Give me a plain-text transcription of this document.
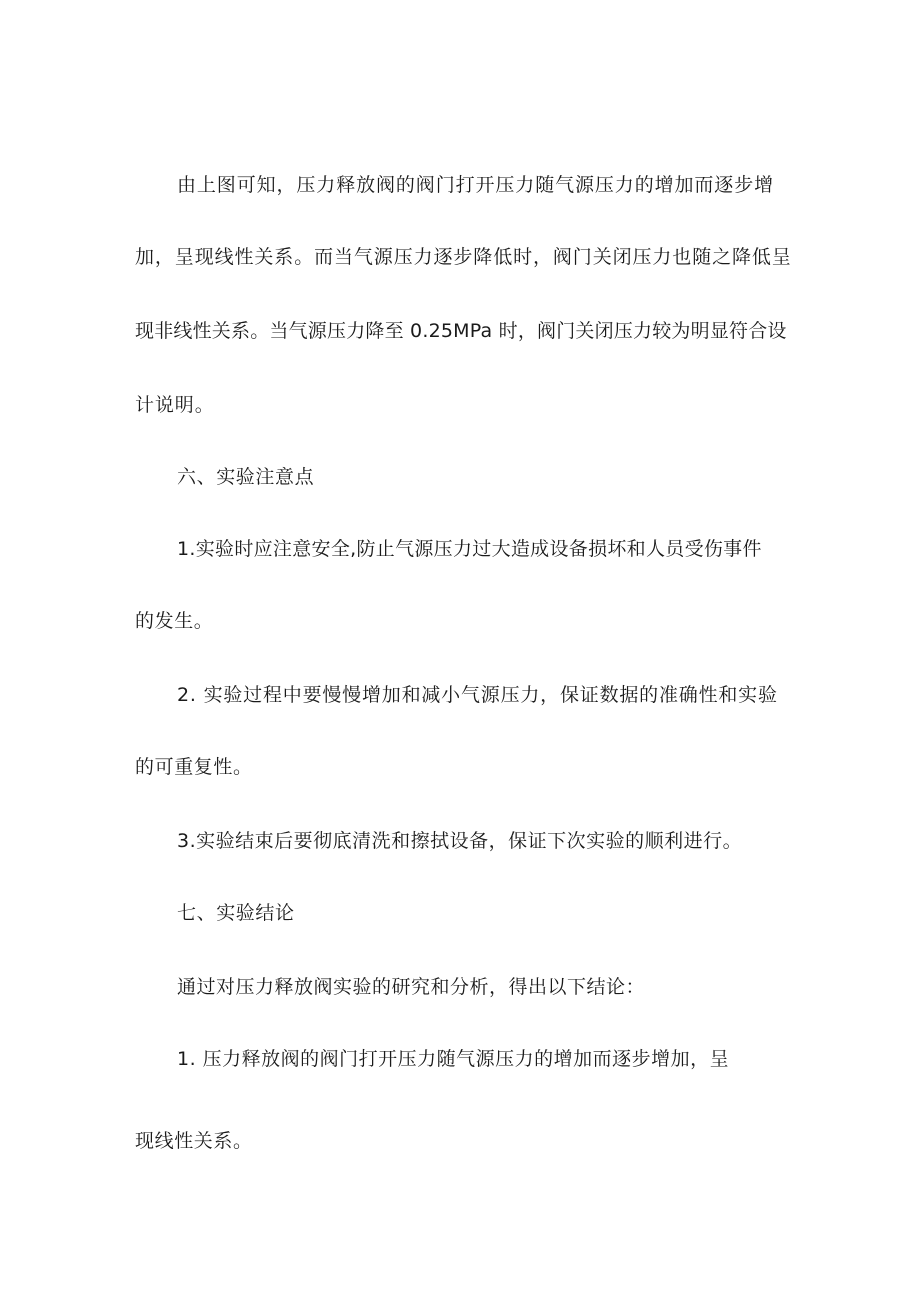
由上图可知，压力释放阀的阀门打开压力随气源压力的增加而逐步增

加，呈现线性关系。而当气源压力逐步降低时，阀门关闭压力也随之降低呈

现非线性关系。当气源压力降至 0.25MPa 时，阀门关闭压力较为明显符合设

计说明。

六、实验注意点

1.实验时应注意安全,防止气源压力过大造成设备损坏和人员受伤事件

的发生。

2. 实验过程中要慢慢增加和减小气源压力，保证数据的准确性和实验

的可重复性。

3.实验结束后要彻底清洗和擦拭设备，保证下次实验的顺利进行。

七、实验结论

通过对压力释放阀实验的研究和分析，得出以下结论：

1. 压力释放阀的阀门打开压力随气源压力的增加而逐步增加，呈

现线性关系。
